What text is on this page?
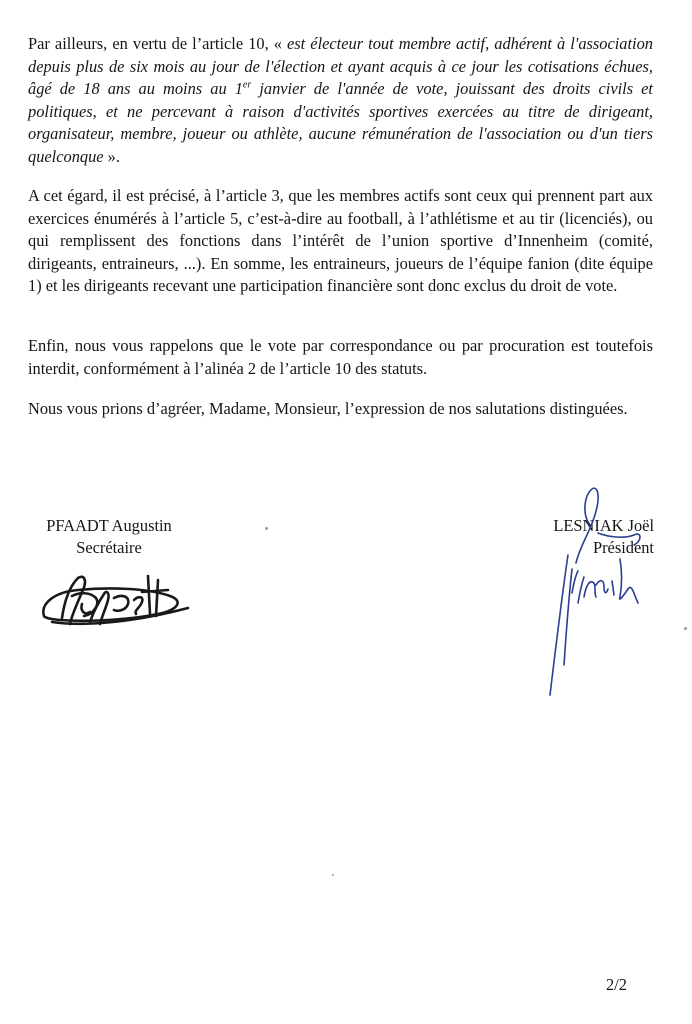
Par ailleurs, en vertu de l’article 10, « est électeur tout membre actif, adhérent à l'association depuis plus de six mois au jour de l'élection et ayant acquis à ce jour les cotisations échues, âgé de 18 ans au moins au 1er janvier de l'année de vote, jouissant des droits civils et politiques, et ne percevant à raison d'activités sportives exercées au titre de dirigeant, organisateur, membre, joueur ou athlète, aucune rémunération de l'association ou d'un tiers quelconque ».

A cet égard, il est précisé, à l’article 3, que les membres actifs sont ceux qui prennent part aux exercices énumérés à l’article 5, c’est-à-dire au football, à l’athlétisme et au tir (licenciés), ou qui remplissent des fonctions dans l’intérêt de l’union sportive d’Innenheim (comité, dirigeants, entraineurs, ...). En somme, les entraineurs, joueurs de l’équipe fanion (dite équipe 1) et les dirigeants recevant une participation financière sont donc exclus du droit de vote.

Enfin, nous vous rappelons que le vote par correspondance ou par procuration est toutefois interdit, conformément à l’alinéa 2 de l’article 10 des statuts.

Nous vous prions d’agréer, Madame, Monsieur, l’expression de nos salutations distinguées.

PFAADT Augustin
Secrétaire
LESNIAK Joël
Président
2/2
